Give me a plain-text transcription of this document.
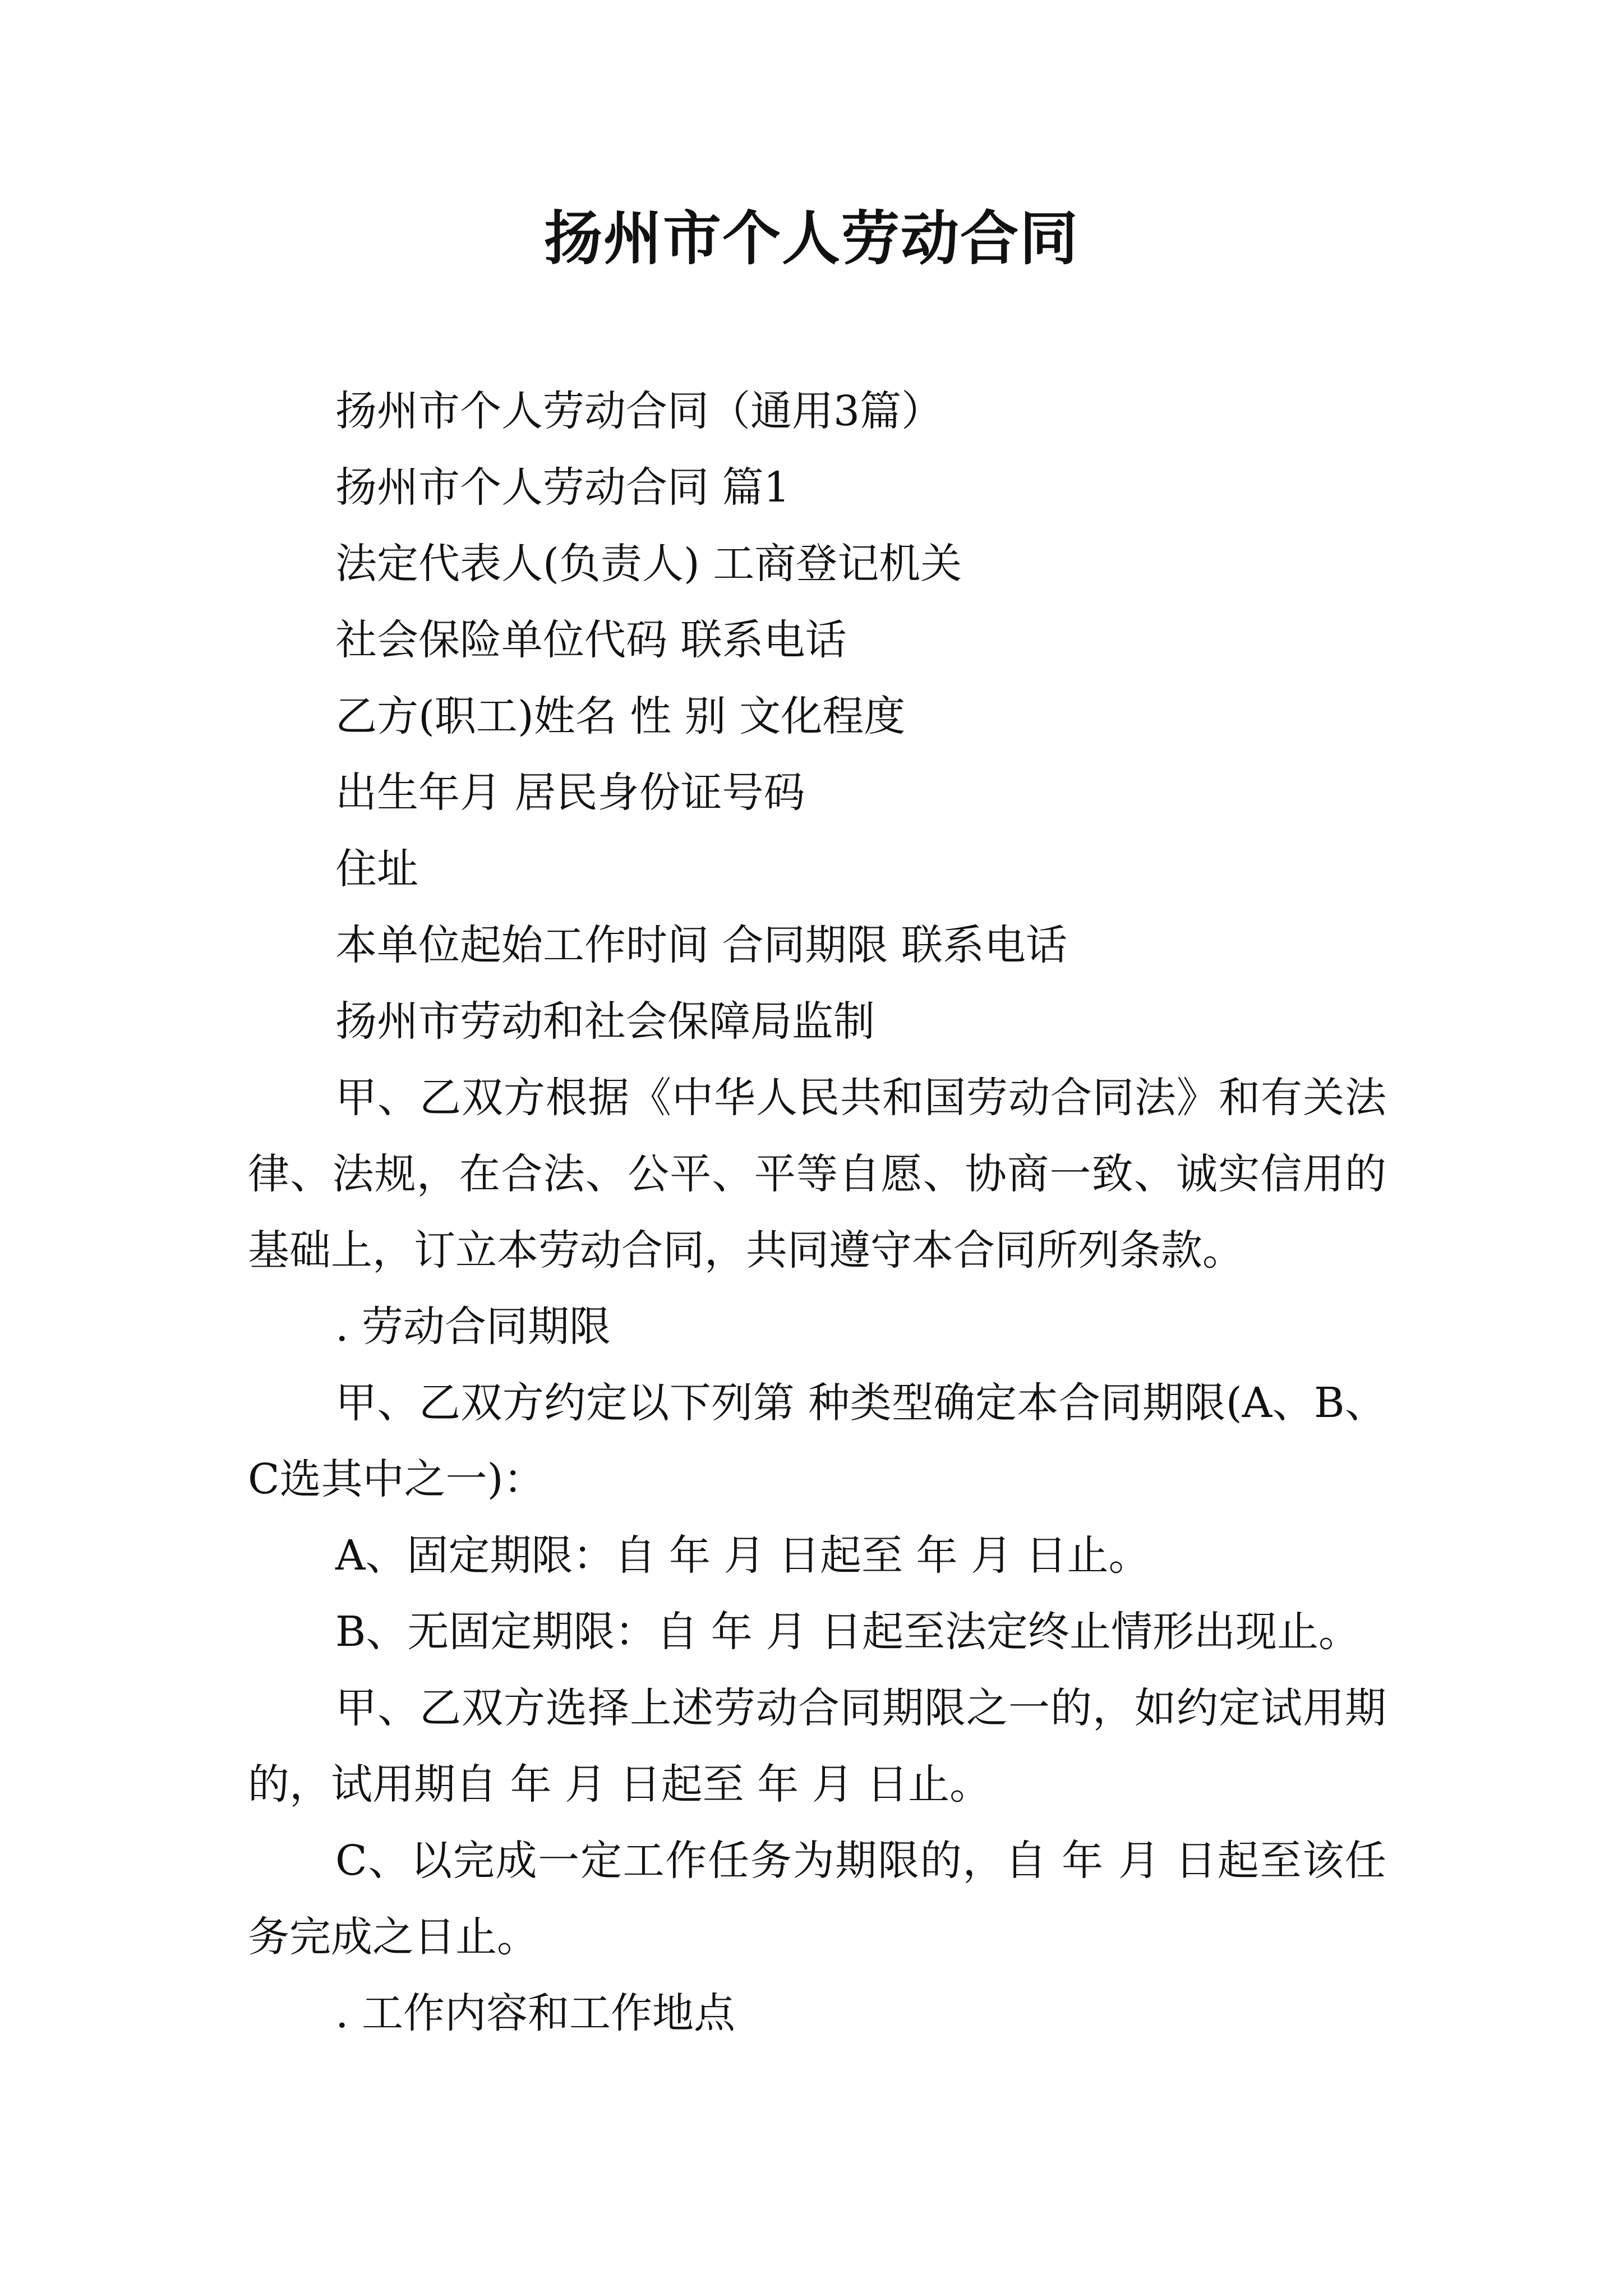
扬州市个人劳动合同

扬州市个人劳动合同（通用3篇）

扬州市个人劳动合同 篇1

法定代表人(负责人) 工商登记机关

社会保险单位代码 联系电话

乙方(职工)姓名 性 别 文化程度

出生年月 居民身份证号码

住址

本单位起始工作时间 合同期限 联系电话

扬州市劳动和社会保障局监制

甲、乙双方根据《中华人民共和国劳动合同法》和有关法律、法规，在合法、公平、平等自愿、协商一致、诚实信用的基础上，订立本劳动合同，共同遵守本合同所列条款。

. 劳动合同期限

甲、乙双方约定以下列第 种类型确定本合同期限(A、B、C选其中之一)：

A、固定期限：自 年 月 日起至 年 月 日止。

B、无固定期限：自 年 月 日起至法定终止情形出现止。

甲、乙双方选择上述劳动合同期限之一的，如约定试用期的，试用期自 年 月 日起至 年 月 日止。

C、以完成一定工作任务为期限的，自 年 月 日起至该任务完成之日止。

. 工作内容和工作地点
